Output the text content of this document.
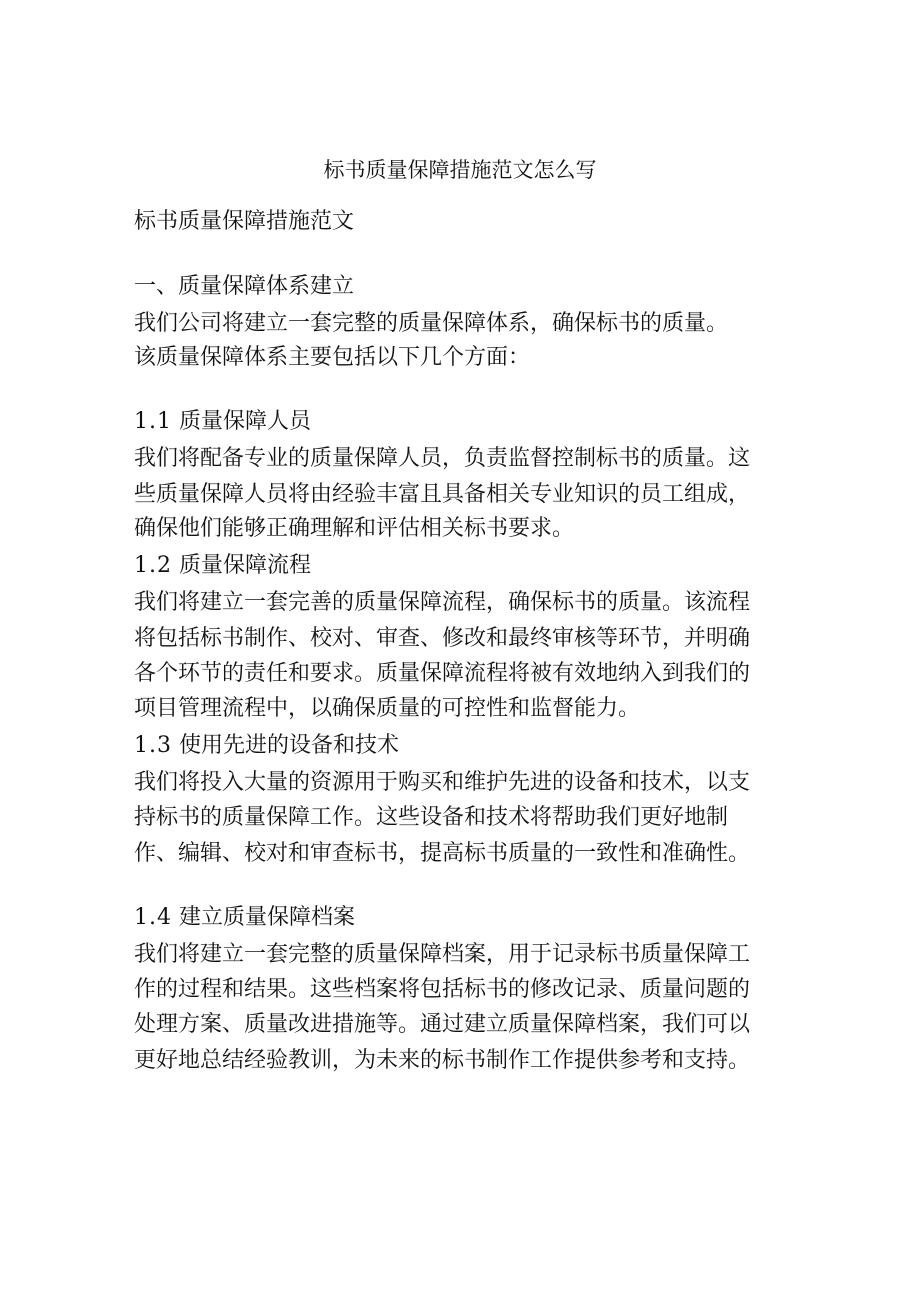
标书质量保障措施范文怎么写
标书质量保障措施范文
一、质量保障体系建立
我们公司将建立一套完整的质量保障体系，确保标书的质量。
该质量保障体系主要包括以下几个方面：
1.1 质量保障人员
我们将配备专业的质量保障人员，负责监督控制标书的质量。这
些质量保障人员将由经验丰富且具备相关专业知识的员工组成，
确保他们能够正确理解和评估相关标书要求。
1.2 质量保障流程
我们将建立一套完善的质量保障流程，确保标书的质量。该流程
将包括标书制作、校对、审查、修改和最终审核等环节，并明确
各个环节的责任和要求。质量保障流程将被有效地纳入到我们的
项目管理流程中，以确保质量的可控性和监督能力。
1.3 使用先进的设备和技术
我们将投入大量的资源用于购买和维护先进的设备和技术，以支
持标书的质量保障工作。这些设备和技术将帮助我们更好地制
作、编辑、校对和审查标书，提高标书质量的一致性和准确性。
1.4 建立质量保障档案
我们将建立一套完整的质量保障档案，用于记录标书质量保障工
作的过程和结果。这些档案将包括标书的修改记录、质量问题的
处理方案、质量改进措施等。通过建立质量保障档案，我们可以
更好地总结经验教训，为未来的标书制作工作提供参考和支持。
